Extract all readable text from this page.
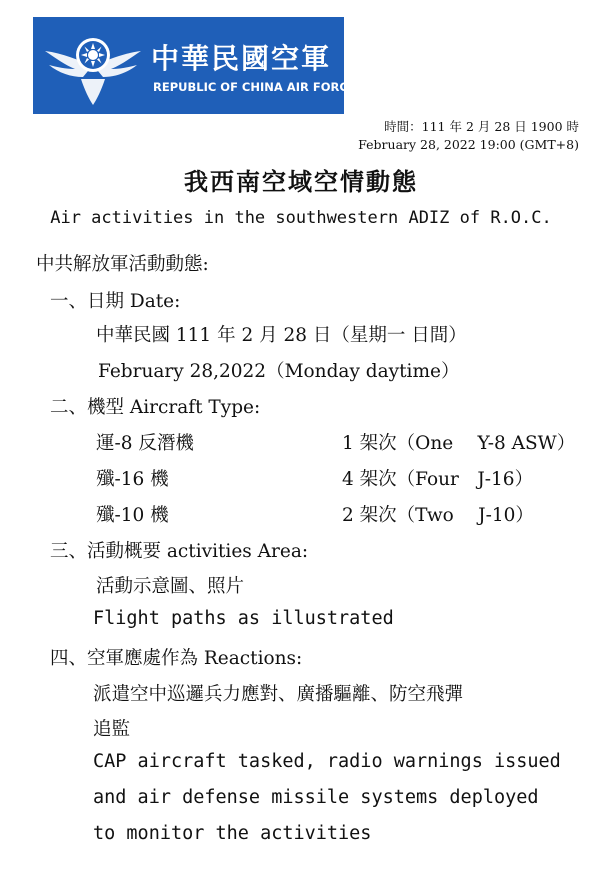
中華民國空軍
REPUBLIC OF CHINA AIR FORCE
時間：111 年 2 月 28 日 1900 時
February 28, 2022 19:00 (GMT+8)
我西南空域空情動態
Air activities in the southwestern ADIZ of R.O.C.
中共解放軍活動動態:
一、日期 Date:
中華民國 111 年 2 月 28 日（星期一 日間）
February 28,2022（Monday daytime）
二、機型 Aircraft Type:
運-8 反潛機	1 架次（One　 Y-8 ASW）
殲-16 機	4 架次（Four　J-16）
殲-10 機	2 架次（Two　 J-10）
三、活動概要 activities Area:
活動示意圖、照片
Flight paths as illustrated
四、空軍應處作為 Reactions:
派遣空中巡邏兵力應對、廣播驅離、防空飛彈
追監
CAP aircraft tasked, radio warnings issued
and air defense missile systems deployed
to monitor the activities
